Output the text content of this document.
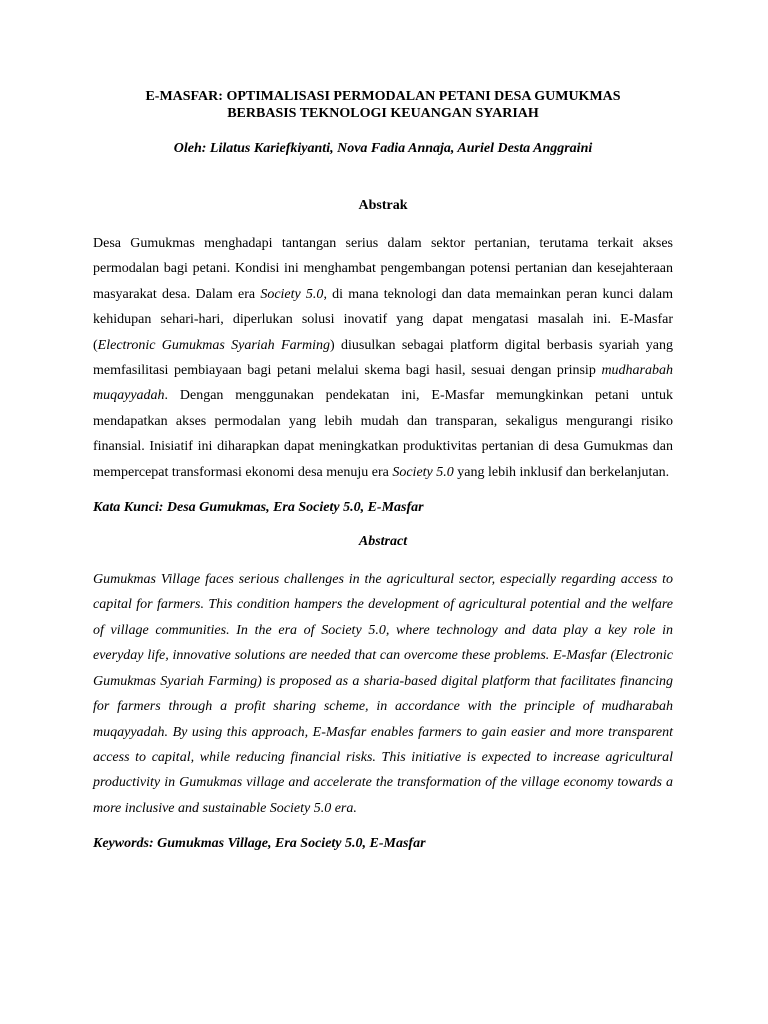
E-MASFAR: OPTIMALISASI PERMODALAN PETANI DESA GUMUKMAS
BERBASIS TEKNOLOGI KEUANGAN SYARIAH

Oleh: Lilatus Kariefkiyanti, Nova Fadia Annaja, Auriel Desta Anggraini

Abstrak

Desa Gumukmas menghadapi tantangan serius dalam sektor pertanian, terutama terkait akses permodalan bagi petani. Kondisi ini menghambat pengembangan potensi pertanian dan kesejahteraan masyarakat desa. Dalam era Society 5.0, di mana teknologi dan data memainkan peran kunci dalam kehidupan sehari-hari, diperlukan solusi inovatif yang dapat mengatasi masalah ini. E-Masfar (Electronic Gumukmas Syariah Farming) diusulkan sebagai platform digital berbasis syariah yang memfasilitasi pembiayaan bagi petani melalui skema bagi hasil, sesuai dengan prinsip mudharabah muqayyadah. Dengan menggunakan pendekatan ini, E-Masfar memungkinkan petani untuk mendapatkan akses permodalan yang lebih mudah dan transparan, sekaligus mengurangi risiko finansial. Inisiatif ini diharapkan dapat meningkatkan produktivitas pertanian di desa Gumukmas dan mempercepat transformasi ekonomi desa menuju era Society 5.0 yang lebih inklusif dan berkelanjutan.

Kata Kunci: Desa Gumukmas, Era Society 5.0, E-Masfar

Abstract

Gumukmas Village faces serious challenges in the agricultural sector, especially regarding access to capital for farmers. This condition hampers the development of agricultural potential and the welfare of village communities. In the era of Society 5.0, where technology and data play a key role in everyday life, innovative solutions are needed that can overcome these problems. E-Masfar (Electronic Gumukmas Syariah Farming) is proposed as a sharia-based digital platform that facilitates financing for farmers through a profit sharing scheme, in accordance with the principle of mudharabah muqayyadah. By using this approach, E-Masfar enables farmers to gain easier and more transparent access to capital, while reducing financial risks. This initiative is expected to increase agricultural productivity in Gumukmas village and accelerate the transformation of the village economy towards a more inclusive and sustainable Society 5.0 era.

Keywords: Gumukmas Village, Era Society 5.0, E-Masfar
